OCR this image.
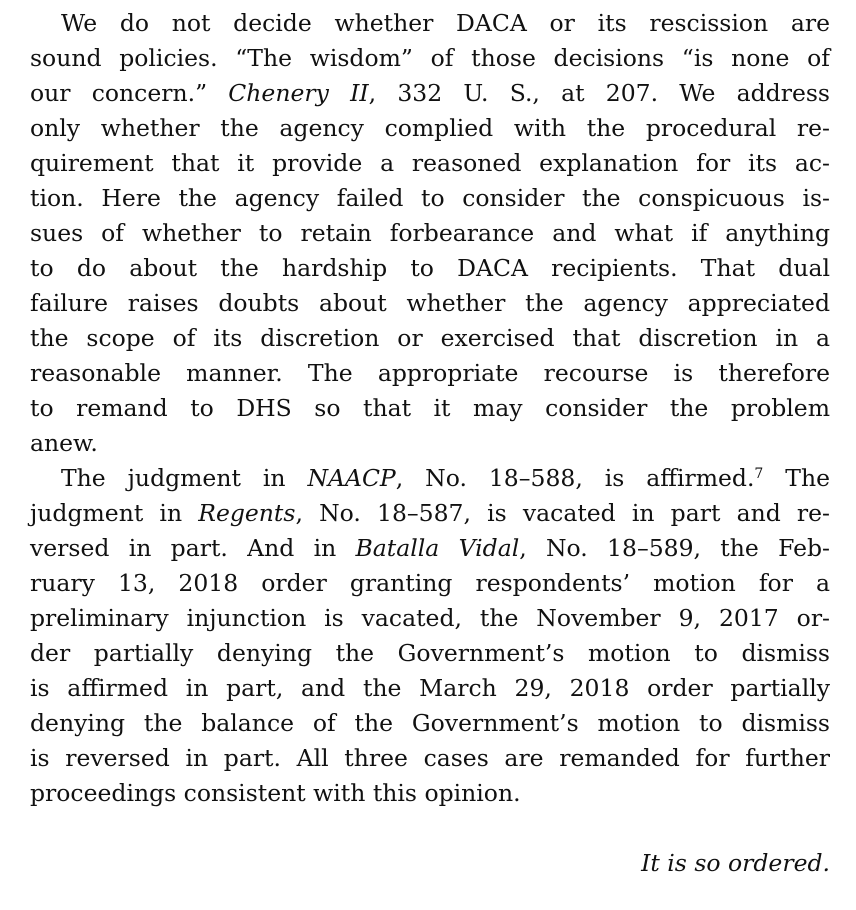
We do not decide whether DACA or its rescission are
sound policies. “The wisdom” of those decisions “is none of
our concern.” Chenery II, 332 U. S., at 207. We address
only whether the agency complied with the procedural re-
quirement that it provide a reasoned explanation for its ac-
tion. Here the agency failed to consider the conspicuous is-
sues of whether to retain forbearance and what if anything
to do about the hardship to DACA recipients. That dual
failure raises doubts about whether the agency appreciated
the scope of its discretion or exercised that discretion in a
reasonable manner. The appropriate recourse is therefore
to remand to DHS so that it may consider the problem
anew.
The judgment in NAACP, No. 18–588, is affirmed.$^7$ The
judgment in Regents, No. 18–587, is vacated in part and re-
versed in part. And in Batalla Vidal, No. 18–589, the Feb-
ruary 13, 2018 order granting respondents’ motion for a
preliminary injunction is vacated, the November 9, 2017 or-
der partially denying the Government’s motion to dismiss
is affirmed in part, and the March 29, 2018 order partially
denying the balance of the Government’s motion to dismiss
is reversed in part. All three cases are remanded for further
proceedings consistent with this opinion.
It is so ordered.
